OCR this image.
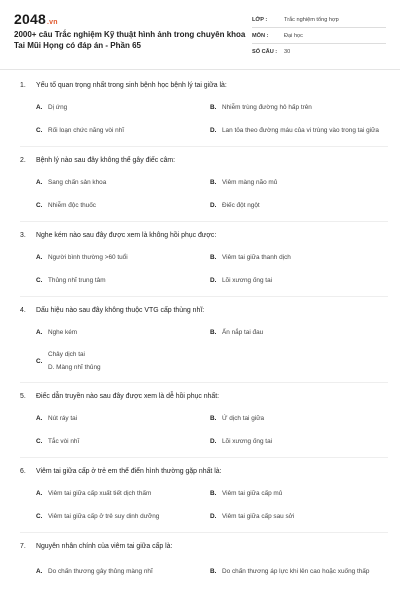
2048.vn
2000+ câu Trắc nghiệm Kỹ thuật hình ảnh trong chuyên khoa Tai Mũi Họng có đáp án - Phần 65
LỚP :	Trắc nghiệm tổng hợp
MÔN :	Đại học
SỐ CÂU :	30
1. Yếu tố quan trọng nhất trong sinh bệnh học bệnh lý tai giữa là:
A. Dị ứng	B. Nhiễm trùng đường hô hấp trên
C. Rối loạn chức năng vòi nhĩ	D. Lan tỏa theo đường máu của vi trùng vào trong tai giữa
2. Bệnh lý nào sau đây không thể gây điếc câm:
A. Sang chấn sản khoa	B. Viêm màng não mủ
C. Nhiễm độc thuốc	D. Điếc đột ngột
3. Nghe kém nào sau đây được xem là không hồi phục được:
A. Người bình thường >60 tuổi	B. Viêm tai giữa thanh dịch
C. Thủng nhĩ trung tâm	D. Lõi xương ống tai
4. Dấu hiệu nào sau đây không thuộc VTG cấp thủng nhĩ:
A. Nghe kém	B. Ấn nắp tai đau
C.
Chảy dịch tai
D. Màng nhĩ thủng
5. Điếc dẫn truyền nào sau đây được xem là dễ hồi phục nhất:
A. Nút ráy tai	B. Ứ dịch tai giữa
C. Tắc vòi nhĩ	D. Lõi xương ống tai
6. Viêm tai giữa cấp ở trẻ em thể điển hình thường gặp nhất là:
A. Viêm tai giữa cấp xuất tiết dịch thấm	B. Viêm tai giữa cấp mủ
C. Viêm tai giữa cấp ở trẻ suy dinh dưỡng	D. Viêm tai giữa cấp sau sởi
7. Nguyên nhân chính của viêm tai giữa cấp là:
A. Do chấn thương gây thủng màng nhĩ	B. Do chấn thương áp lực khi lên cao hoặc xuống thấp
